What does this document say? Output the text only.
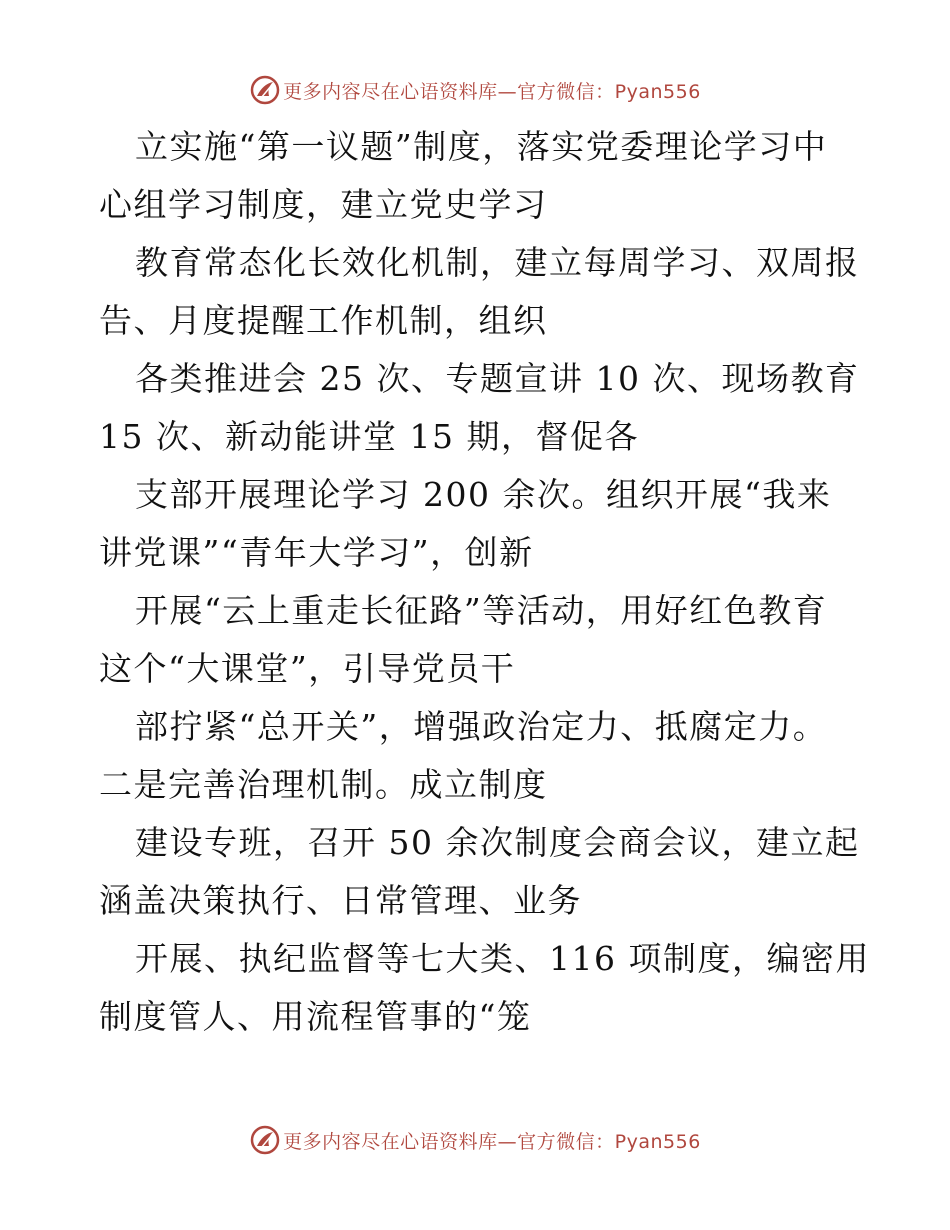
更多内容尽在心语资料库—官方微信：Pyan556
立实施“第一议题”制度，落实党委理论学习中
心组学习制度，建立党史学习
教育常态化长效化机制，建立每周学习、双周报
告、月度提醒工作机制，组织
各类推进会 25 次、专题宣讲 10 次、现场教育
15 次、新动能讲堂 15 期，督促各
支部开展理论学习 200 余次。组织开展“我来
讲党课”“青年大学习”，创新
开展“云上重走长征路”等活动，用好红色教育
这个“大课堂”，引导党员干
部拧紧“总开关”，增强政治定力、抵腐定力。
二是完善治理机制。成立制度
建设专班，召开 50 余次制度会商会议，建立起
涵盖决策执行、日常管理、业务
开展、执纪监督等七大类、116 项制度，编密用
制度管人、用流程管事的“笼
更多内容尽在心语资料库—官方微信：Pyan556
